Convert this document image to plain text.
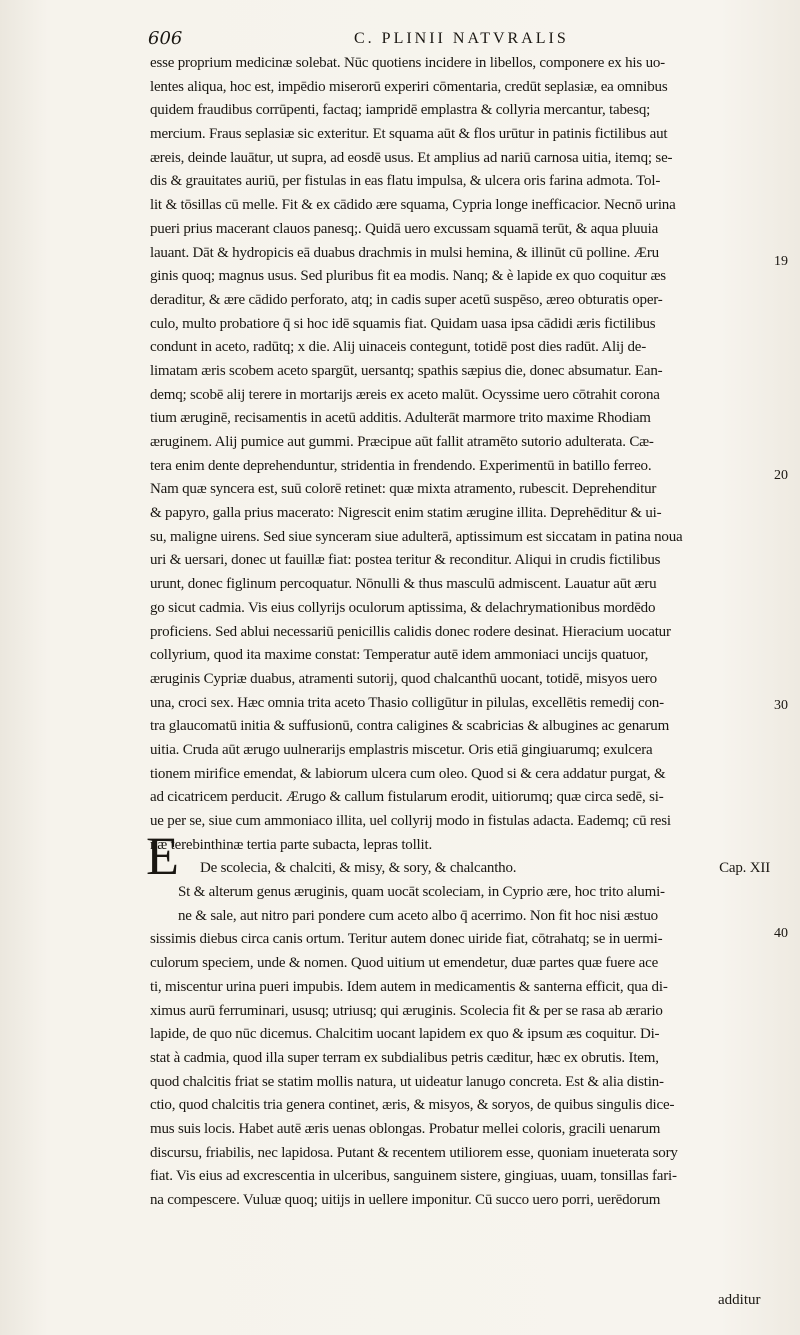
606	C. PLINII NATVRALIS
esse proprium medicinæ solebat. Nūc quotiens incidere in libellos, componere ex his uo-
lentes aliqua, hoc est, impēdio miserorū experiri cōmentaria, credūt seplasiæ, ea omnibus
quidem fraudibus corrūpenti, factaq; iampridē emplastra & collyria mercantur, tabesq;
mercium. Fraus seplasiæ sic exteritur. Et squama aūt & flos urūtur in patinis fictilibus aut
æreis, deinde lauātur, ut supra, ad eosdē usus. Et amplius ad nariū carnosa uitia, itemq; se-
dis & grauitates auriū, per fistulas in eas flatu impulsa, & ulcera oris farina admota. Tol-
lit & tōsillas cū melle. Fit & ex cādido ære squama, Cypria longe inefficacior. Necnō urina
pueri prius macerant clauos panesq;. Quidā uero excussam squamā terūt, & aqua pluuia
lauant. Dāt & hydropicis eā duabus drachmis in mulsi hemina, & illinūt cū polline. Æru
ginis quoq; magnus usus. Sed pluribus fit ea modis. Nanq; & è lapide ex quo coquitur æs
deraditur, & ære cādido perforato, atq; in cadis super acetū suspēso, æreo obturatis oper-
culo, multo probatiore q̄ si hoc idē squamis fiat. Quidam uasa ipsa cādidi æris fictilibus
condunt in aceto, radūtq; x die. Alij uinaceis contegunt, totidē post dies radūt. Alij de-
limatam æris scobem aceto spargūt, uersantq; spathis sæpius die, donec absumatur. Ean-
demq; scobē alij terere in mortarijs æreis ex aceto malūt. Ocyssime uero cōtrahit corona
tium æruginē, recisamentis in acetū additis. Adulterāt marmore trito maxime Rhodiam
æruginem. Alij pumice aut gummi. Præcipue aūt fallit atramēto sutorio adulterata. Cæ-
tera enim dente deprehenduntur, stridentia in frendendo. Experimentū in batillo ferreo.
Nam quæ syncera est, suū colorē retinet: quæ mixta atramento, rubescit. Deprehenditur
& papyro, galla prius macerato: Nigrescit enim statim ærugine illita. Deprehēditur & ui-
su, maligne uirens. Sed siue synceram siue adulterā, aptissimum est siccatam in patina noua
uri & uersari, donec ut fauillæ fiat: postea teritur & reconditur. Aliqui in crudis fictilibus
urunt, donec figlinum percoquatur. Nōnulli & thus masculū admiscent. Lauatur aūt æru
go sicut cadmia. Vis eius collyrijs oculorum aptissima, & delachrymationibus mordēdo
proficiens. Sed ablui necessariū penicillis calidis donec rodere desinat. Hieracium uocatur
collyrium, quod ita maxime constat: Temperatur autē idem ammoniaci uncijs quatuor,
æruginis Cypriæ duabus, atramenti sutorij, quod chalcanthū uocant, totidē, misyos uero
una, croci sex. Hæc omnia trita aceto Thasio colligūtur in pilulas, excellētis remedij con-
tra glaucomatū initia & suffusionū, contra caligines & scabricias & albugines ac genarum
uitia. Cruda aūt ærugo uulnerarijs emplastris miscetur. Oris etiā gingiuarumq; exulcera
tionem mirifice emendat, & labiorum ulcera cum oleo. Quod si & cera addatur purgat, &
ad cicatricem perducit. Ærugo & callum fistularum erodit, uitiorumq; quæ circa sedē, si-
ue per se, siue cum ammoniaco illita, uel collyrij modo in fistulas adacta. Eademq; cū resi
næ terebinthinæ tertia parte subacta, lepras tollit.
De scolecia, & chalciti, & misy, & sory, & chalcantho.	Cap. XII
St & alterum genus æruginis, quam uocāt scoleciam, in Cyprio ære, hoc trito alumi-
ne & sale, aut nitro pari pondere cum aceto albo q̄ acerrimo. Non fit hoc nisi æstuo
sissimis diebus circa canis ortum. Teritur autem donec uiride fiat, cōtrahatq; se in uermi-
culorum speciem, unde & nomen. Quod uitium ut emendetur, duæ partes quæ fuere ace
ti, miscentur urina pueri impubis. Idem autem in medicamentis & santerna efficit, qua di-
ximus aurū ferruminari, ususq; utriusq; qui æruginis. Scolecia fit & per se rasa ab ærario
lapide, de quo nūc dicemus. Chalcitim uocant lapidem ex quo & ipsum æs coquitur. Di-
stat à cadmia, quod illa super terram ex subdialibus petris cæditur, hæc ex obrutis. Item,
quod chalcitis friat se statim mollis natura, ut uideatur lanugo concreta. Est & alia distin-
ctio, quod chalcitis tria genera continet, æris, & misyos, & soryos, de quibus singulis dice-
mus suis locis. Habet autē æris uenas oblongas. Probatur mellei coloris, gracili uenarum
discursu, friabilis, nec lapidosa. Putant & recentem utiliorem esse, quoniam inueterata sory
fiat. Vis eius ad excrescentia in ulceribus, sanguinem sistere, gingiuas, uuam, tonsillas fari-
na compescere. Vuluæ quoq; uitijs in uellere imponitur. Cū succo uero porri, uerēdorum
E
19
20
30
40
additur
